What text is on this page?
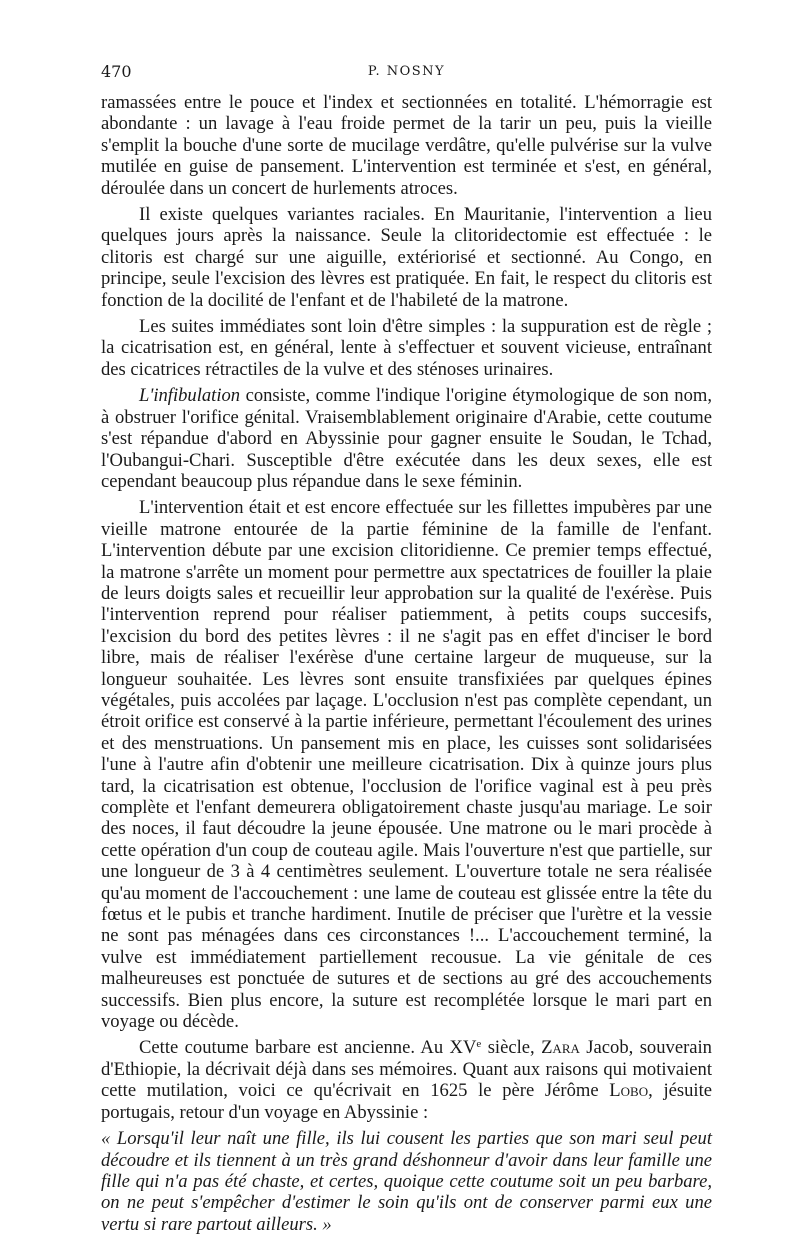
470	P. NOSNY

ramassées entre le pouce et l'index et sectionnées en totalité. L'hémorragie est abondante : un lavage à l'eau froide permet de la tarir un peu, puis la vieille s'emplit la bouche d'une sorte de mucilage verdâtre, qu'elle pulvérise sur la vulve mutilée en guise de pansement. L'intervention est terminée et s'est, en général, déroulée dans un concert de hurlements atroces.

Il existe quelques variantes raciales. En Mauritanie, l'intervention a lieu quelques jours après la naissance. Seule la clitoridectomie est effectuée : le clitoris est chargé sur une aiguille, extériorisé et sectionné. Au Congo, en principe, seule l'excision des lèvres est pratiquée. En fait, le respect du clitoris est fonction de la docilité de l'enfant et de l'habileté de la matrone.

Les suites immédiates sont loin d'être simples : la suppuration est de règle ; la cicatrisation est, en général, lente à s'effectuer et souvent vicieuse, entraînant des cicatrices rétractiles de la vulve et des sténoses urinaires.

L'infibulation consiste, comme l'indique l'origine étymologique de son nom, à obstruer l'orifice génital. Vraisemblablement originaire d'Arabie, cette coutume s'est répandue d'abord en Abyssinie pour gagner ensuite le Soudan, le Tchad, l'Oubangui-Chari. Susceptible d'être exécutée dans les deux sexes, elle est cependant beaucoup plus répandue dans le sexe féminin.

L'intervention était et est encore effectuée sur les fillettes impubères par une vieille matrone entourée de la partie féminine de la famille de l'enfant. L'intervention débute par une excision clitoridienne. Ce premier temps effectué, la matrone s'arrête un moment pour permettre aux spectatrices de fouiller la plaie de leurs doigts sales et recueillir leur approbation sur la qualité de l'exérèse. Puis l'intervention reprend pour réaliser patiemment, à petits coups succesifs, l'excision du bord des petites lèvres : il ne s'agit pas en effet d'inciser le bord libre, mais de réaliser l'exérèse d'une certaine largeur de muqueuse, sur la longueur souhaitée. Les lèvres sont ensuite transfixiées par quelques épines végétales, puis accolées par laçage. L'occlusion n'est pas complète cependant, un étroit orifice est conservé à la partie inférieure, permettant l'écoulement des urines et des menstruations. Un pansement mis en place, les cuisses sont solidarisées l'une à l'autre afin d'obtenir une meilleure cicatrisation. Dix à quinze jours plus tard, la cicatrisation est obtenue, l'occlusion de l'orifice vaginal est à peu près complète et l'enfant demeurera obligatoirement chaste jusqu'au mariage. Le soir des noces, il faut découdre la jeune épousée. Une matrone ou le mari procède à cette opération d'un coup de couteau agile. Mais l'ouverture n'est que partielle, sur une longueur de 3 à 4 centimètres seulement. L'ouverture totale ne sera réalisée qu'au moment de l'accouchement : une lame de couteau est glissée entre la tête du fœtus et le pubis et tranche hardiment. Inutile de préciser que l'urètre et la vessie ne sont pas ménagées dans ces circonstances !... L'accouchement terminé, la vulve est immédiatement partiellement recousue. La vie génitale de ces malheureuses est ponctuée de sutures et de sections au gré des accouchements successifs. Bien plus encore, la suture est recomplétée lorsque le mari part en voyage ou décède.

Cette coutume barbare est ancienne. Au XVe siècle, Zara Jacob, souverain d'Ethiopie, la décrivait déjà dans ses mémoires. Quant aux raisons qui motivaient cette mutilation, voici ce qu'écrivait en 1625 le père Jérôme Lobo, jésuite portugais, retour d'un voyage en Abyssinie :

« Lorsqu'il leur naît une fille, ils lui cousent les parties que son mari seul peut découdre et ils tiennent à un très grand déshonneur d'avoir dans leur famille une fille qui n'a pas été chaste, et certes, quoique cette coutume soit un peu barbare, on ne peut s'empêcher d'estimer le soin qu'ils ont de conserver parmi eux une vertu si rare partout ailleurs. »
